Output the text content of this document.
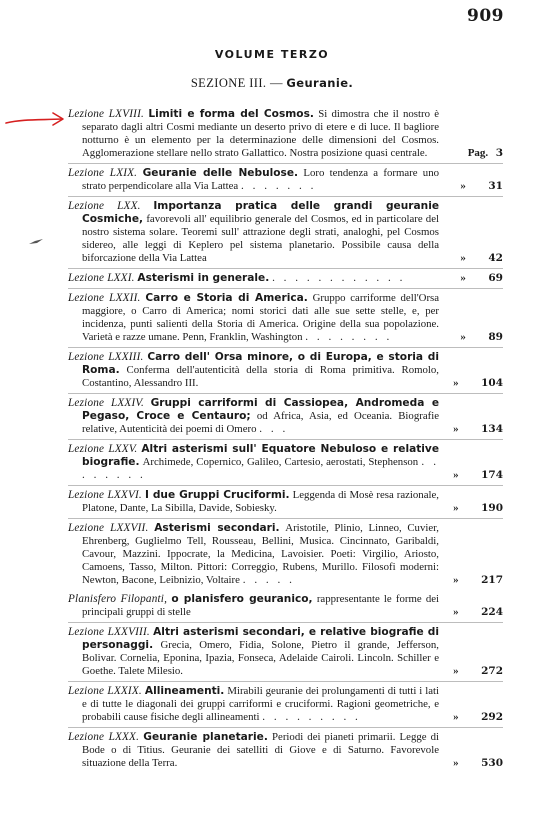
909
VOLUME TERZO
SEZIONE III. — Geuranie.
Lezione LXVIII. Limiti e forma del Cosmos. Si dimostra che il nostro è separato dagli altri Cosmi mediante un deserto privo di etere e di luce. Il bagliore notturno è un elemento per la determinazione delle dimensioni del Cosmos. Agglomerazione stellare nello strato Gallattico. Nostra posizione quasi centrale.	Pag. 3
Lezione LXIX. Geuranie delle Nebulose. Loro tendenza a formare uno strato perpendicolare alla Via Lattea . . . . . . .	» 31
Lezione LXX. Importanza pratica delle grandi geuranie Cosmiche, favorevoli all' equilibrio generale del Cosmos, ed in particolare del nostro sistema solare. Teoremi sull' attrazione degli strati, analoghi, pel Cosmos sidereo, alle leggi di Keplero pel sistema planetario. Possibile causa della biforcazione della Via Lattea	» 42
Lezione LXXI. Asterismi in generale. . . . . . . . . . . . .	» 69
Lezione LXXII. Carro e Storia di America. Gruppo carriforme dell'Orsa maggiore, o Carro di America; nomi storici dati alle sue sette stelle, e, per incidenza, punti salienti della Storia di America. Origine della sua popolazione. Varietà e razze umane. Penn, Franklin, Washington . . . . . . . .	» 89
Lezione LXXIII. Carro dell' Orsa minore, o di Europa, e storia di Roma. Conferma dell'autenticità della storia di Roma primitiva. Romolo, Costantino, Alessandro III.	» 104
Lezione LXXIV. Gruppi carriformi di Cassiopea, Andromeda e Pegaso, Croce e Centauro; od Africa, Asia, ed Oceania. Biografie relative, Autenticità dei poemi di Omero . . .	» 134
Lezione LXXV. Altri asterismi sull' Equatore Nebuloso e relative biografie. Archimede, Copernico, Galileo, Cartesio, aerostati, Stephenson . . . . . . . .	» 174
Lezione LXXVI. I due Gruppi Cruciformi. Leggenda di Mosè resa razionale, Platone, Dante, La Sibilla, Davide, Sobiesky.	» 190
Lezione LXXVII. Asterismi secondari. Aristotile, Plinio, Linneo, Cuvier, Ehrenberg, Guglielmo Tell, Rousseau, Bellini, Musica. Cincinnato, Garibaldi, Cavour, Mazzini. Ippocrate, la Medicina, Lavoisier. Poeti: Virgilio, Ariosto, Camoens, Tasso, Milton. Pittori: Correggio, Rubens, Murillo. Filosofi moderni: Newton, Bacone, Leibnizio, Voltaire . . . . .	» 217
Planisfero Filopanti, o planisfero geuranico, rappresentante le forme dei principali gruppi di stelle	» 224
Lezione LXXVIII. Altri asterismi secondari, e relative biografie di personaggi. Grecia, Omero, Fidia, Solone, Pietro il grande, Jefferson, Bolivar. Cornelia, Eponina, Ipazia, Fonseca, Adelaide Cairoli. Lincoln. Schiller e Goethe. Talete Milesio.	» 272
Lezione LXXIX. Allineamenti. Mirabili geuranie dei prolungamenti di tutti i lati e di tutte le diagonali dei gruppi carriformi e cruciformi. Ragioni geometriche, e probabili cause fisiche degli allineamenti . . . . . . . . .	» 292
Lezione LXXX. Geuranie planetarie. Periodi dei pianeti primarii. Legge di Bode o di Titius. Geuranie dei satelliti di Giove e di Saturno. Favorevole situazione della Terra.	» 530
